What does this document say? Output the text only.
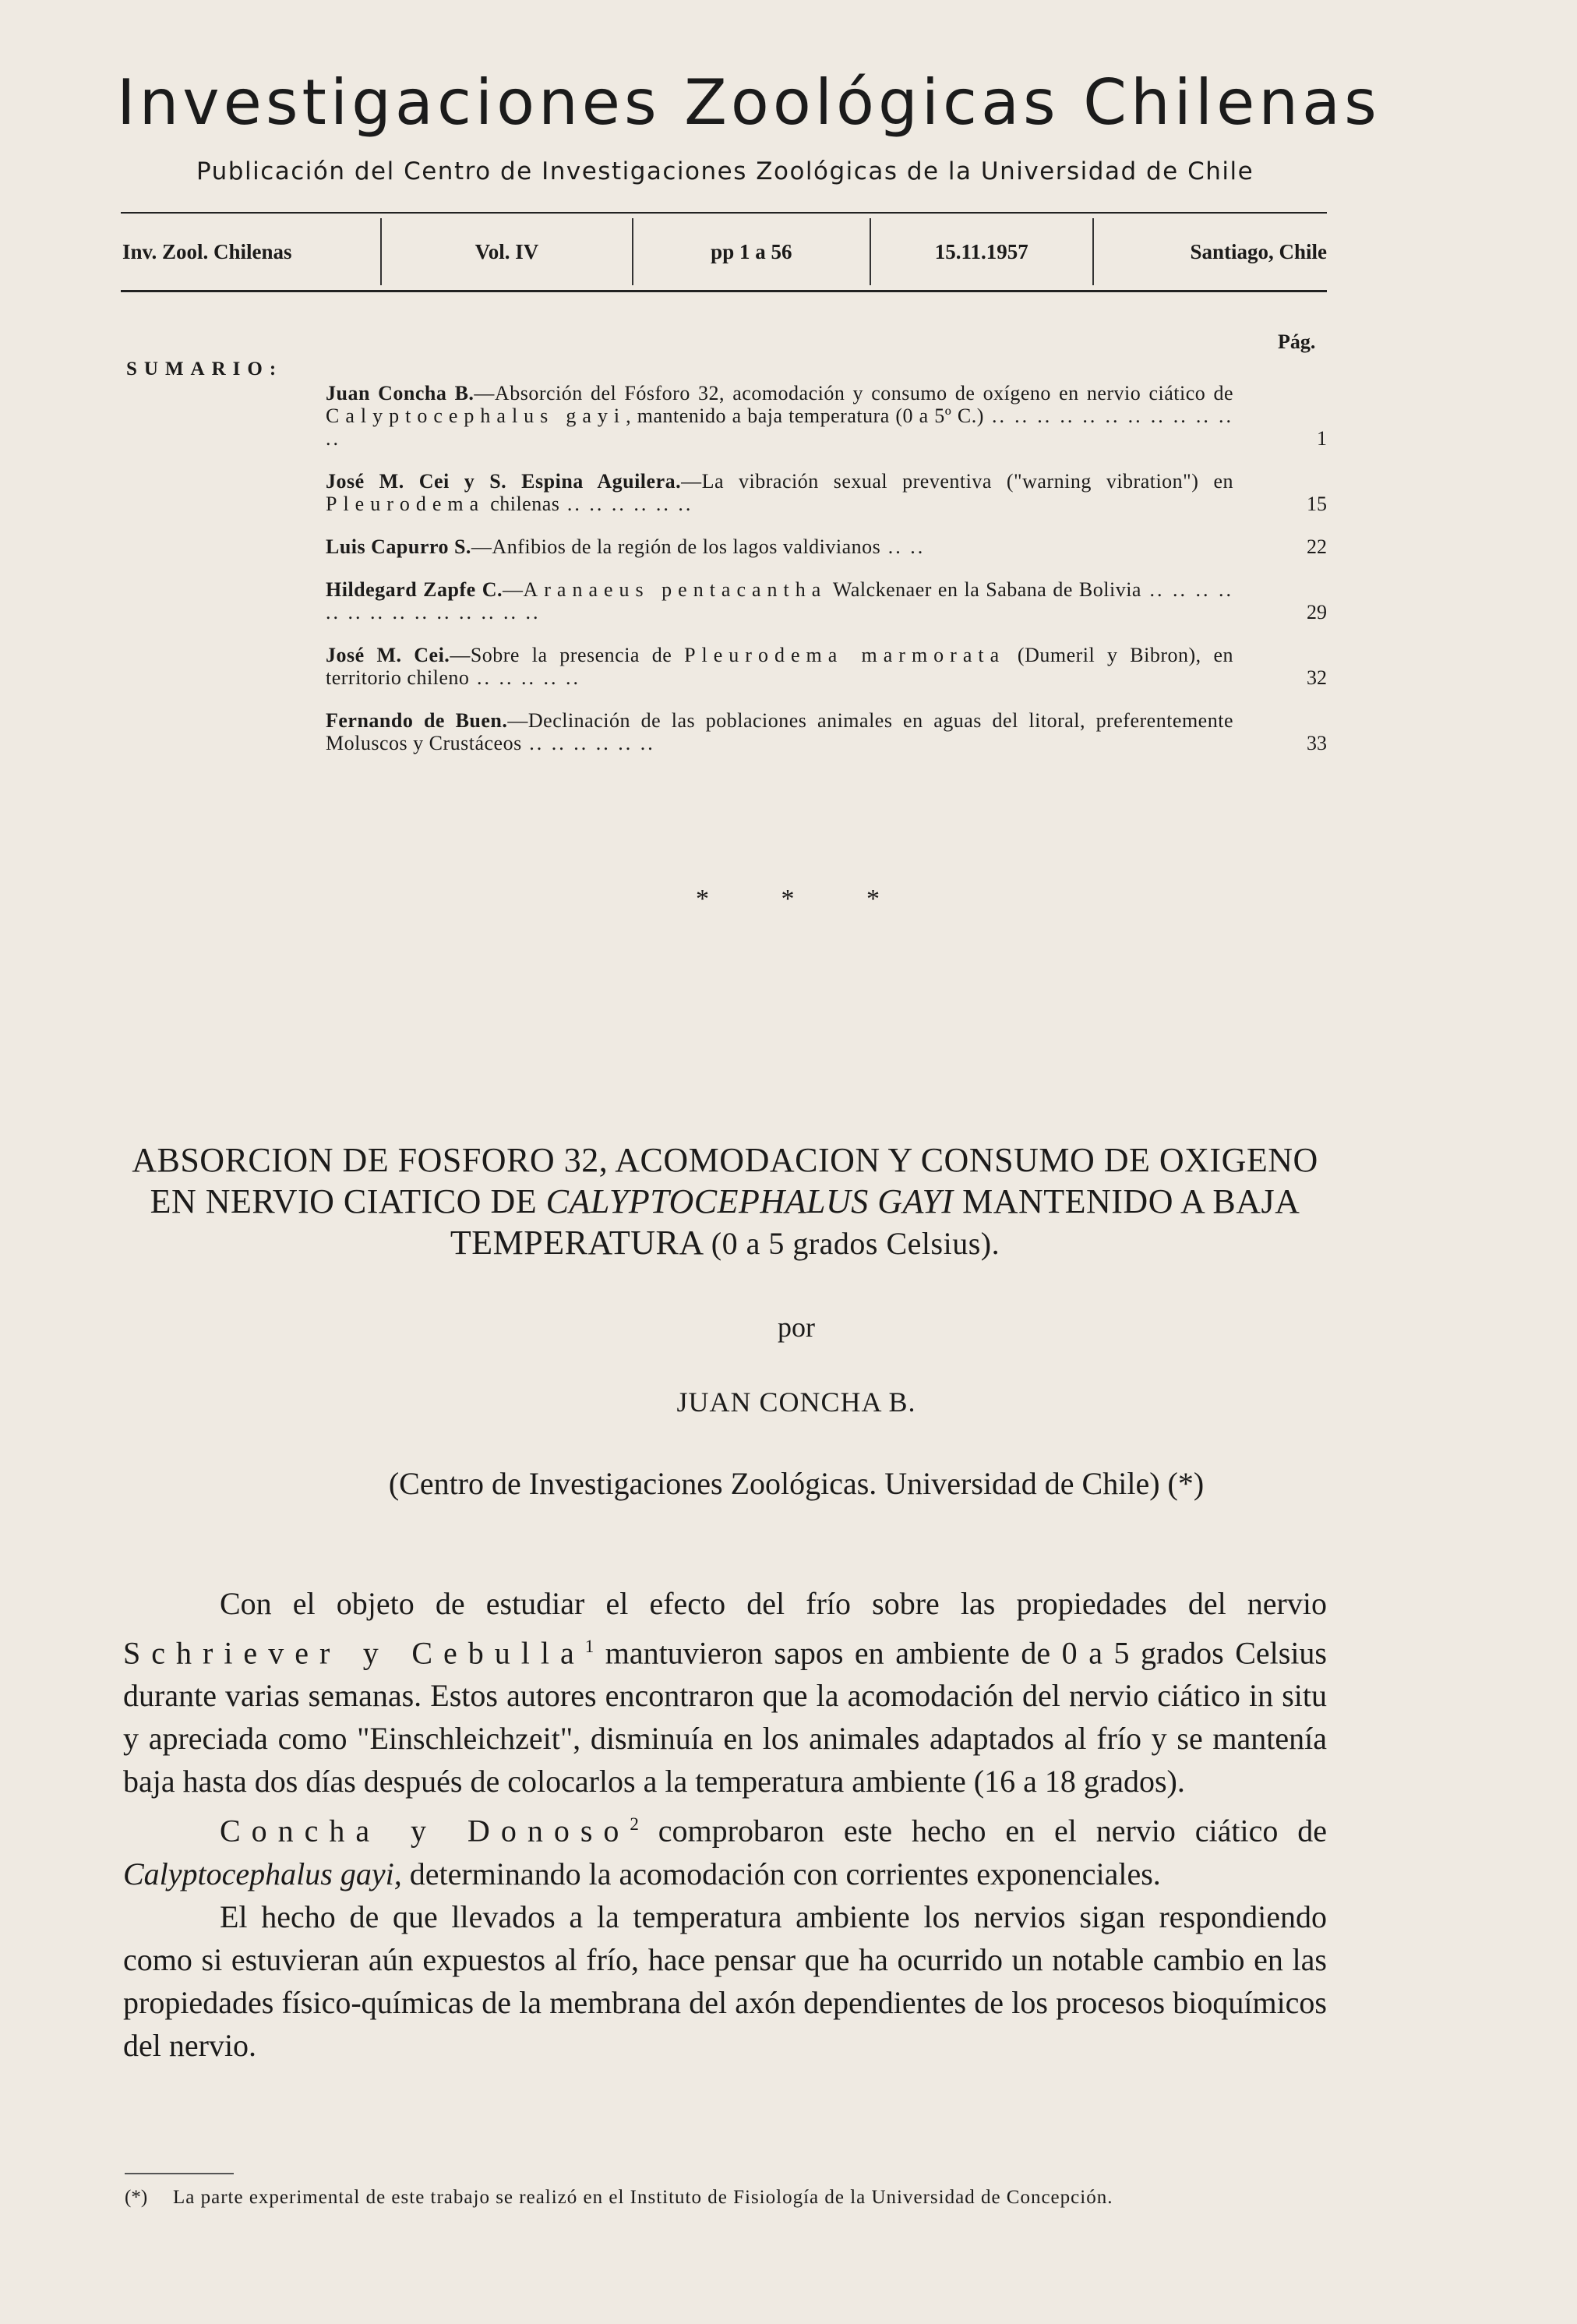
Investigaciones Zoológicas Chilenas
Publicación del Centro de Investigaciones Zoológicas de la Universidad de Chile
Inv. Zool. Chilenas	Vol. IV	pp 1 a 56	15.11.1957	Santiago, Chile
Pág.
SUMARIO:
Juan Concha B.—Absorción del Fósforo 32, acomodación y consumo de oxígeno en nervio ciático de Calyptocephalus gayi, mantenido a baja temperatura (0 a 5º C.) .. .. .. .. .. .. .. .. .. .. .. ..	1
José M. Cei y S. Espina Aguilera.—La vibración sexual preventiva ("warning vibration") en Pleurodema chilenas .. .. .. .. .. ..	15
Luis Capurro S.—Anfibios de la región de los lagos valdivianos .. ..	22
Hildegard Zapfe C.—Aranaeus pentacantha Walckenaer en la Sabana de Bolivia .. .. .. .. .. .. .. .. .. .. .. .. .. ..	29
José M. Cei.—Sobre la presencia de Pleurodema marmorata (Dumeril y Bibron), en territorio chileno .. .. .. .. ..	32
Fernando de Buen.—Declinación de las poblaciones animales en aguas del litoral, preferentemente Moluscos y Crustáceos .. .. .. .. .. ..	33
* * *
ABSORCION DE FOSFORO 32, ACOMODACION Y CONSUMO DE OXIGENO EN NERVIO CIATICO DE CALYPTOCEPHALUS GAYI MANTENIDO A BAJA TEMPERATURA (0 a 5 grados Celsius).
por
JUAN CONCHA B.
(Centro de Investigaciones Zoológicas. Universidad de Chile) (*)

Con el objeto de estudiar el efecto del frío sobre las propiedades del nervio Schriever y Cebulla$^1$ mantuvieron sapos en ambiente de 0 a 5 grados Celsius durante varias semanas. Estos autores encontraron que la acomodación del nervio ciático in situ y apreciada como "Einschleichzeit", disminuía en los animales adaptados al frío y se mantenía baja hasta dos días después de colocarlos a la temperatura ambiente (16 a 18 grados).

Concha y Donoso$^2$ comprobaron este hecho en el nervio ciático de Calyptocephalus gayi, determinando la acomodación con corrientes exponenciales.

El hecho de que llevados a la temperatura ambiente los nervios sigan respondiendo como si estuvieran aún expuestos al frío, hace pensar que ha ocurrido un notable cambio en las propiedades físico-químicas de la membrana del axón dependientes de los procesos bioquímicos del nervio.

(*) La parte experimental de este trabajo se realizó en el Instituto de Fisiología de la Universidad de Concepción.
